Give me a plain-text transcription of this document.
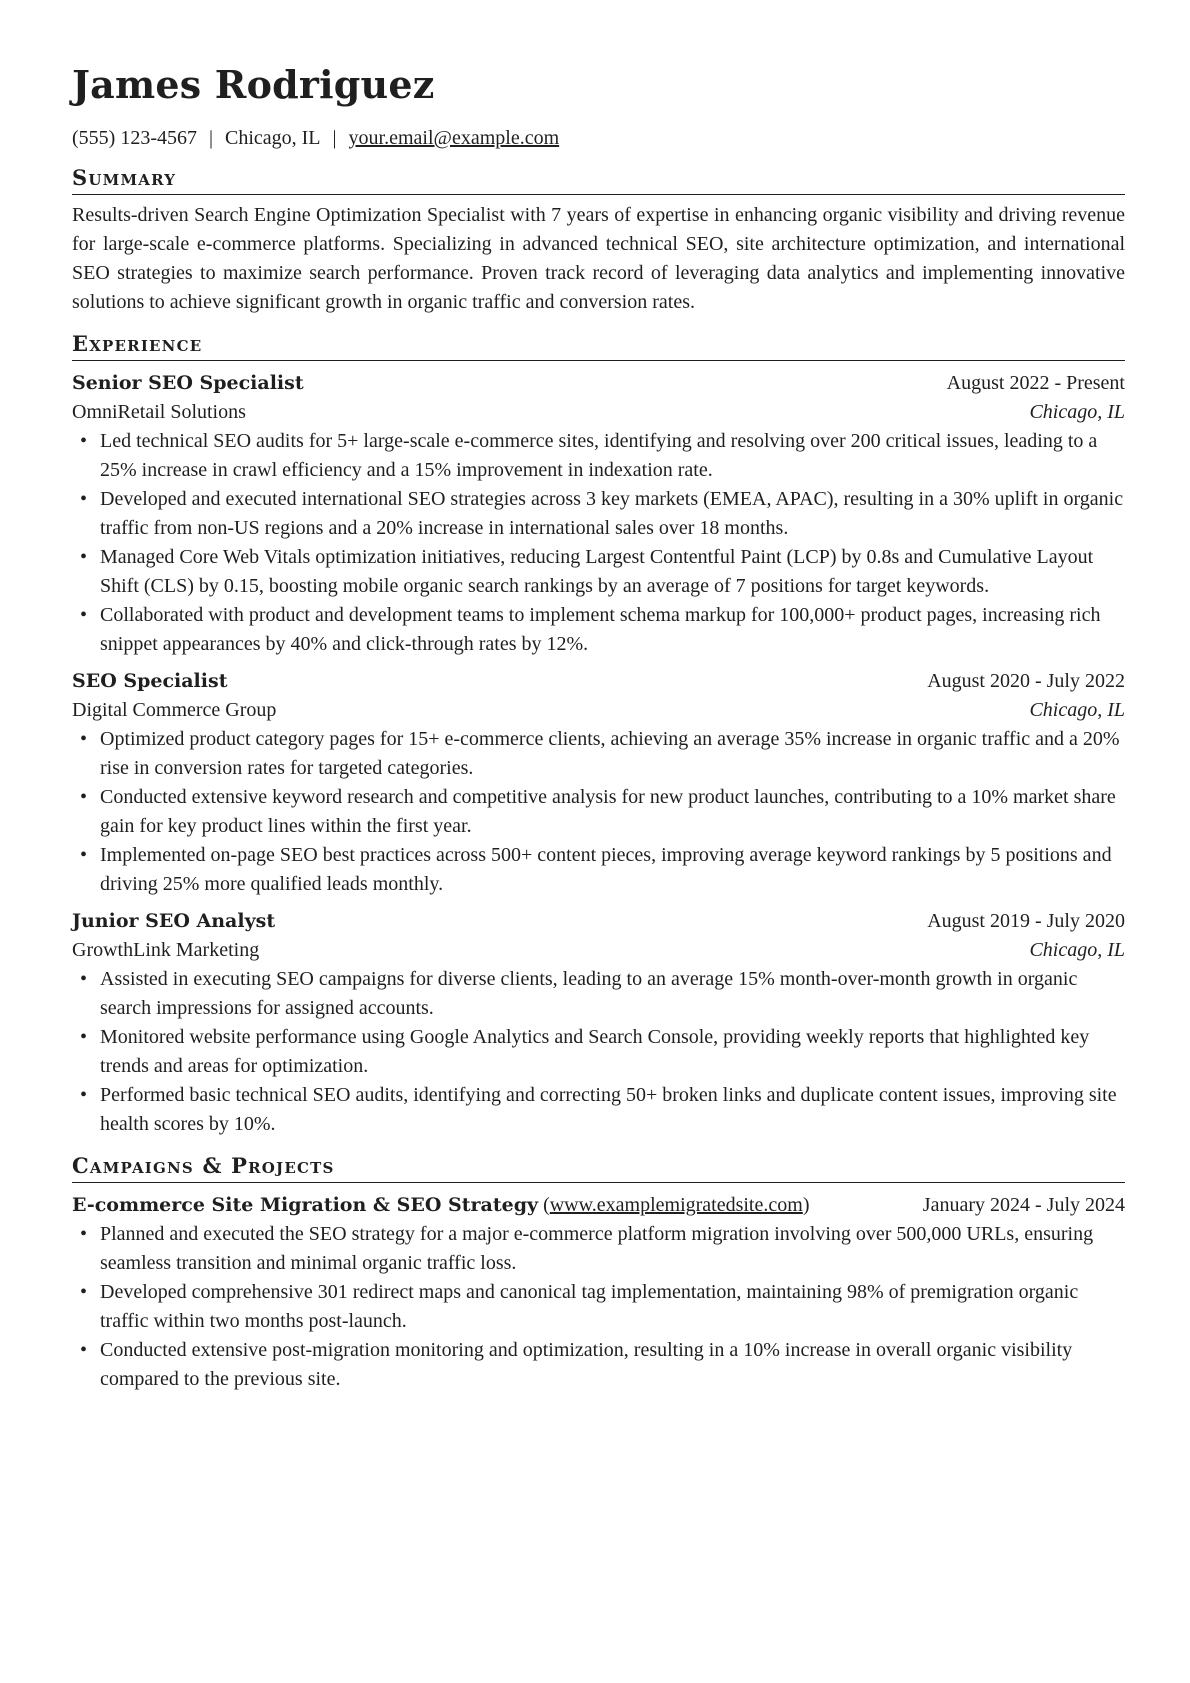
James Rodriguez
(555) 123-4567 | Chicago, IL | your.email@example.com
Summary
Results-driven Search Engine Optimization Specialist with 7 years of expertise in enhancing organic visibility and driving revenue for large-scale e-commerce platforms. Specializing in advanced technical SEO, site architecture optimization, and international SEO strategies to maximize search performance. Proven track record of leveraging data analytics and implementing innovative solutions to achieve significant growth in organic traffic and conversion rates.
Experience
Senior SEO Specialist	August 2022 - Present
OmniRetail Solutions	Chicago, IL
• Led technical SEO audits for 5+ large-scale e-commerce sites, identifying and resolving over 200 critical issues, leading to a 25% increase in crawl efficiency and a 15% improvement in indexation rate.
• Developed and executed international SEO strategies across 3 key markets (EMEA, APAC), resulting in a 30% uplift in organic traffic from non-US regions and a 20% increase in international sales over 18 months.
• Managed Core Web Vitals optimization initiatives, reducing Largest Contentful Paint (LCP) by 0.8s and Cumulative Layout Shift (CLS) by 0.15, boosting mobile organic search rankings by an average of 7 positions for target keywords.
• Collaborated with product and development teams to implement schema markup for 100,000+ product pages, increasing rich snippet appearances by 40% and click-through rates by 12%.
SEO Specialist	August 2020 - July 2022
Digital Commerce Group	Chicago, IL
• Optimized product category pages for 15+ e-commerce clients, achieving an average 35% increase in organic traffic and a 20% rise in conversion rates for targeted categories.
• Conducted extensive keyword research and competitive analysis for new product launches, contributing to a 10% market share gain for key product lines within the first year.
• Implemented on-page SEO best practices across 500+ content pieces, improving average keyword rankings by 5 positions and driving 25% more qualified leads monthly.
Junior SEO Analyst	August 2019 - July 2020
GrowthLink Marketing	Chicago, IL
• Assisted in executing SEO campaigns for diverse clients, leading to an average 15% month-over-month growth in organic search impressions for assigned accounts.
• Monitored website performance using Google Analytics and Search Console, providing weekly reports that highlighted key trends and areas for optimization.
• Performed basic technical SEO audits, identifying and correcting 50+ broken links and duplicate content issues, improving site health scores by 10%.
Campaigns & Projects
E-commerce Site Migration & SEO Strategy (www.examplemigratedsite.com)	January 2024 - July 2024
• Planned and executed the SEO strategy for a major e-commerce platform migration involving over 500,000 URLs, ensuring seamless transition and minimal organic traffic loss.
• Developed comprehensive 301 redirect maps and canonical tag implementation, maintaining 98% of premigration organic traffic within two months post-launch.
• Conducted extensive post-migration monitoring and optimization, resulting in a 10% increase in overall organic visibility compared to the previous site.
